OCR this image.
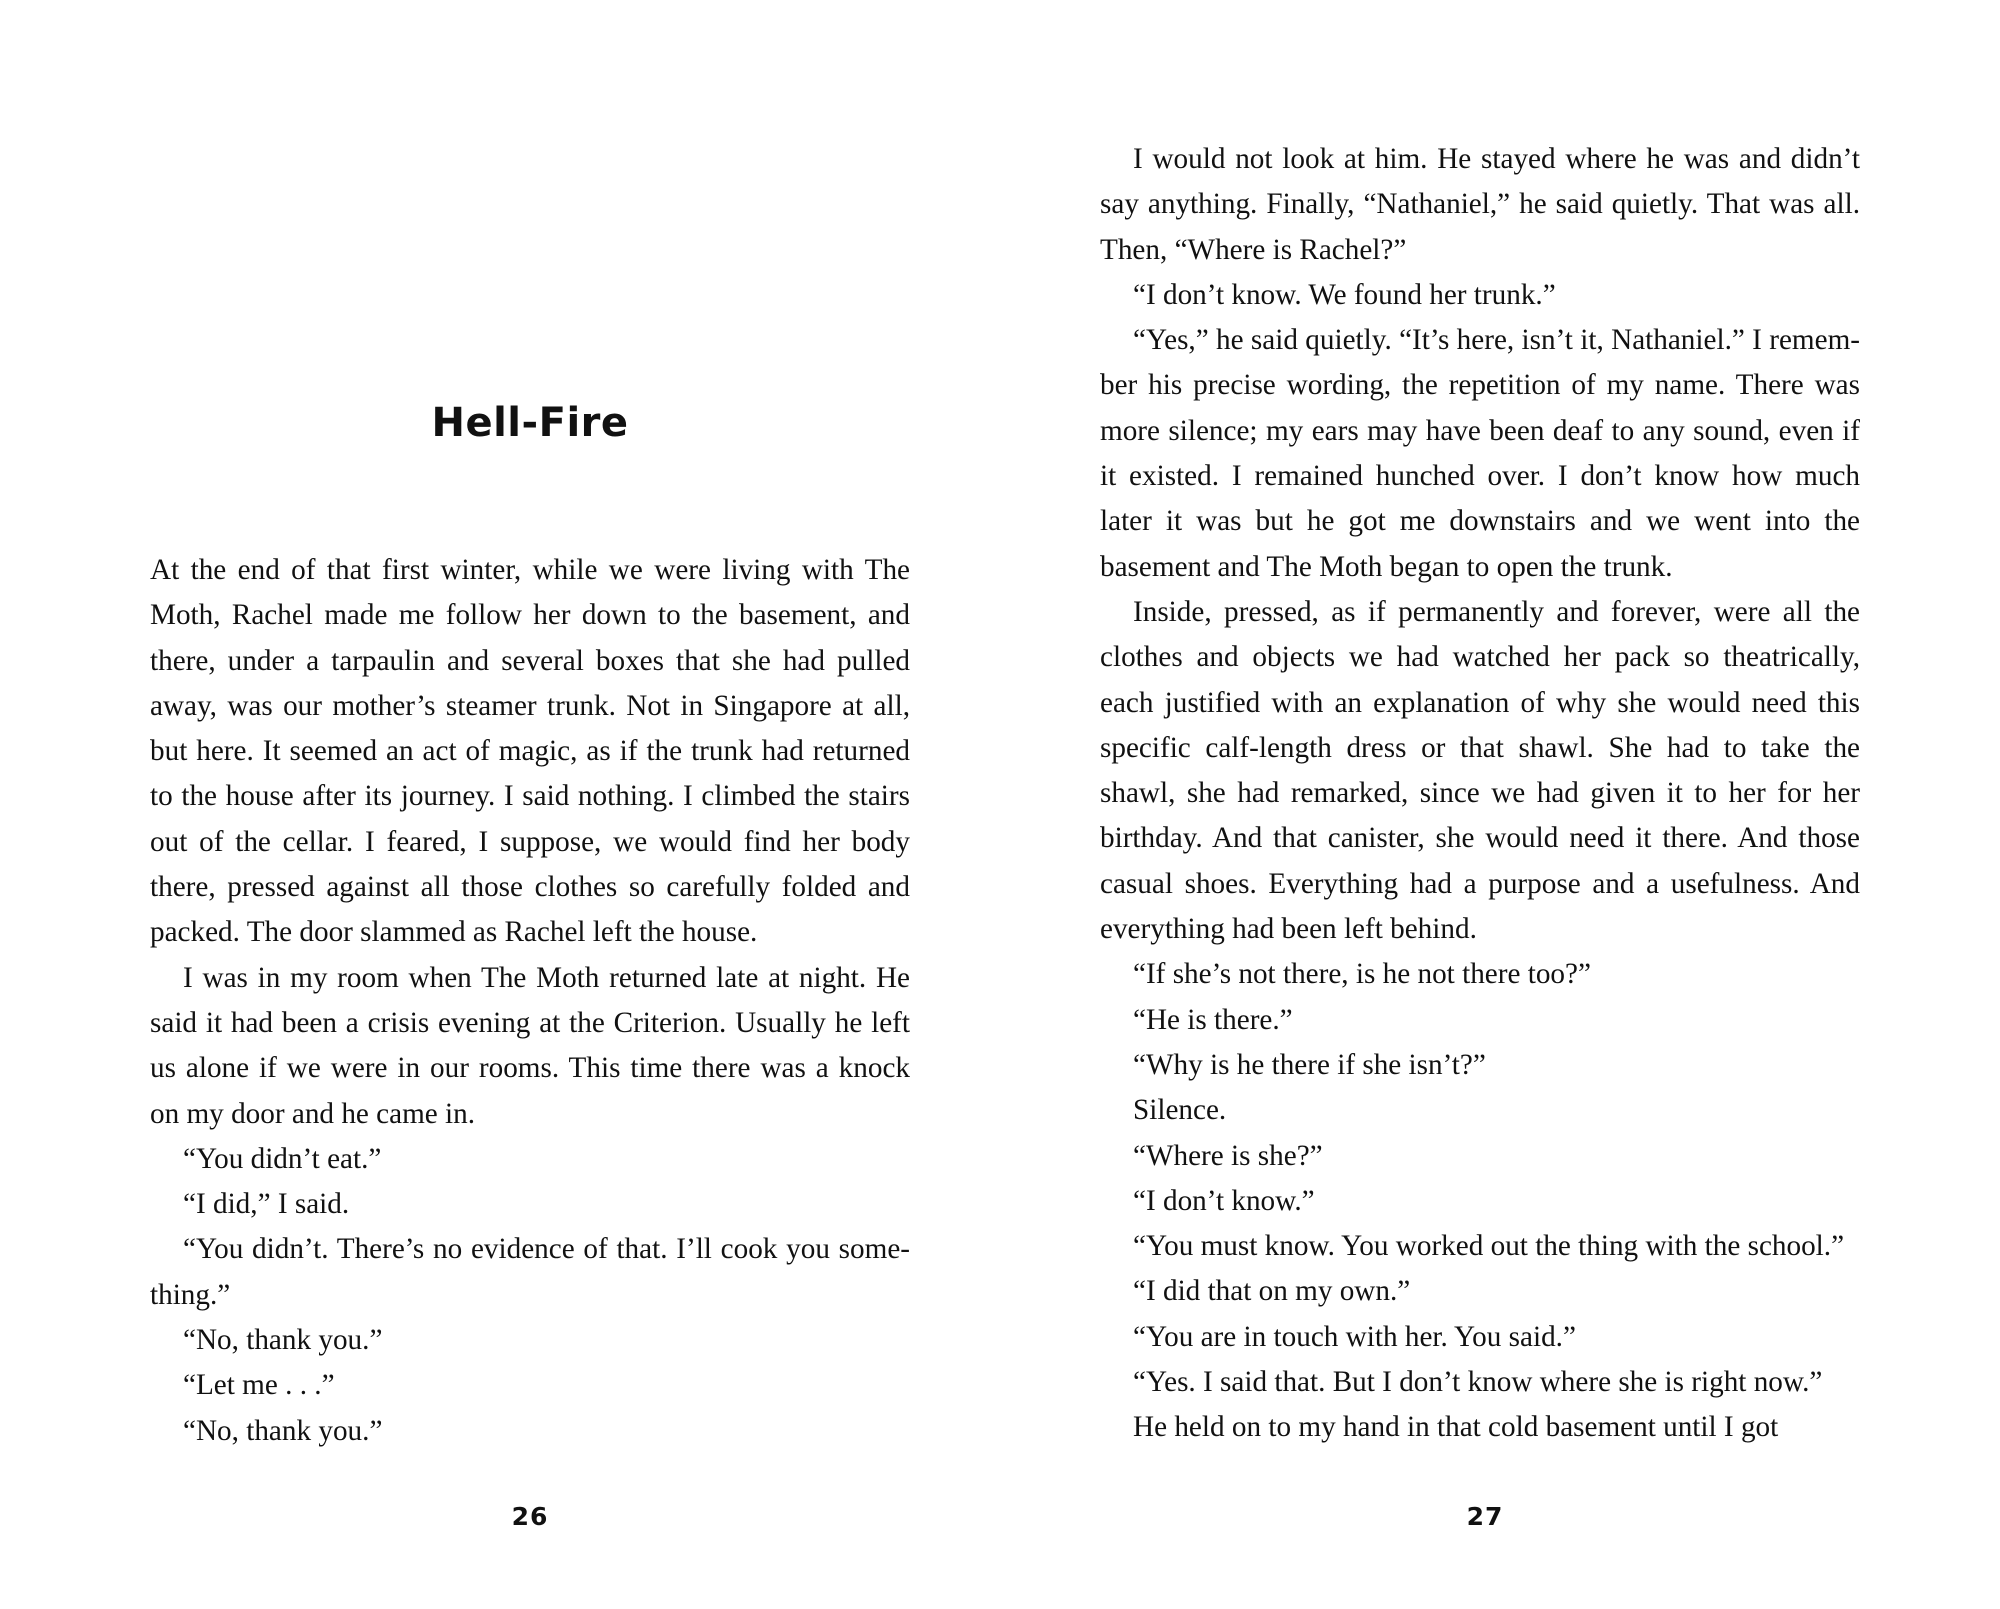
Hell-Fire

At the end of that first winter, while we were living with The Moth, Rachel made me follow her down to the basement, and there, under a tarpaulin and several boxes that she had pulled away, was our mother’s steamer trunk. Not in Singapore at all, but here. It seemed an act of magic, as if the trunk had returned to the house after its journey. I said nothing. I climbed the stairs out of the cellar. I feared, I suppose, we would find her body there, pressed against all those clothes so carefully folded and packed. The door slammed as Rachel left the house.

I was in my room when The Moth returned late at night. He said it had been a crisis evening at the Criterion. Usually he left us alone if we were in our rooms. This time there was a knock on my door and he came in.

“You didn’t eat.”

“I did,” I said.

“You didn’t. There’s no evidence of that. I’ll cook you some-thing.”

“No, thank you.”

“Let me . . .”

“No, thank you.”

26

I would not look at him. He stayed where he was and didn’t say anything. Finally, “Nathaniel,” he said quietly. That was all. Then, “Where is Rachel?”

“I don’t know. We found her trunk.”

“Yes,” he said quietly. “It’s here, isn’t it, Nathaniel.” I remem-ber his precise wording, the repetition of my name. There was more silence; my ears may have been deaf to any sound, even if it existed. I remained hunched over. I don’t know how much later it was but he got me downstairs and we went into the basement and The Moth began to open the trunk.

Inside, pressed, as if permanently and forever, were all the clothes and objects we had watched her pack so theatrically, each justified with an explanation of why she would need this specific calf-length dress or that shawl. She had to take the shawl, she had remarked, since we had given it to her for her birthday. And that canister, she would need it there. And those casual shoes. Everything had a purpose and a usefulness. And everything had been left behind.

“If she’s not there, is he not there too?”

“He is there.”

“Why is he there if she isn’t?”

Silence.

“Where is she?”

“I don’t know.”

“You must know. You worked out the thing with the school.”

“I did that on my own.”

“You are in touch with her. You said.”

“Yes. I said that. But I don’t know where she is right now.”

He held on to my hand in that cold basement until I got

27
